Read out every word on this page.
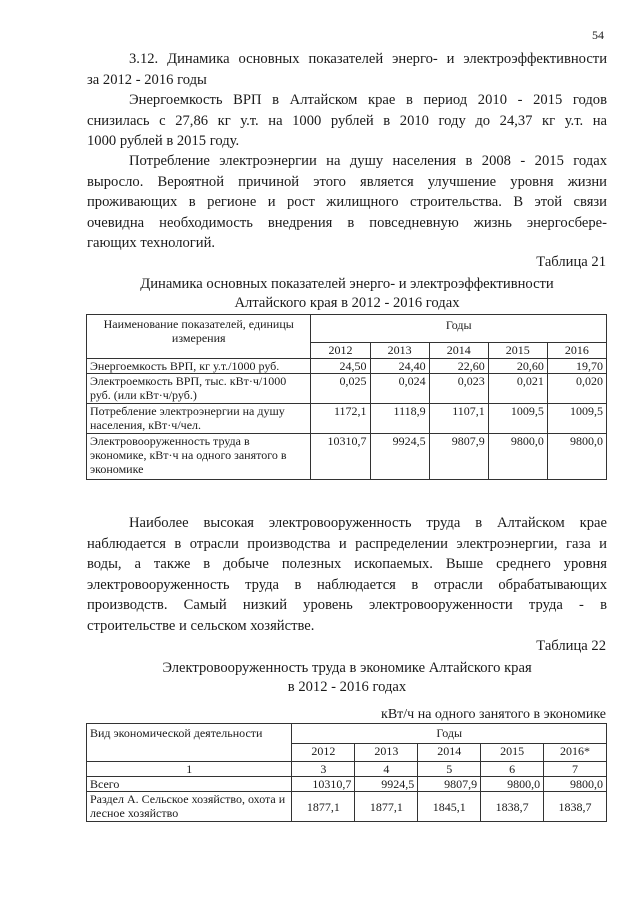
54

3.12. Динамика основных показателей энерго- и электроэффективности
за 2012 - 2016 годы

Энергоемкость ВРП в Алтайском крае в период 2010 - 2015 годов
снизилась с 27,86 кг у.т. на 1000 рублей в 2010 году до 24,37 кг у.т. на
1000 рублей в 2015 году.

Потребление электроэнергии на душу населения в 2008 - 2015 годах
выросло. Вероятной причиной этого является улучшение уровня жизни
проживающих в регионе и рост жилищного строительства. В этой связи
очевидна необходимость внедрения в повседневную жизнь энергосбере-
гающих технологий.

Таблица 21
Динамика основных показателей энерго- и электроэффективности
Алтайского края в 2012 - 2016 годах
Наименование показателей, единицы измерения	Годы				
	2012	2013	2014	2015	2016
Энергоемкость ВРП, кг у.т./1000 руб.	24,50	24,40	22,60	20,60	19,70
Электроемкость ВРП, тыс. кВт·ч/1000 руб. (или кВт·ч/руб.)	0,025	0,024	0,023	0,021	0,020
Потребление электроэнергии на душу населения, кВт·ч/чел.	1172,1	1118,9	1107,1	1009,5	1009,5
Электровооруженность труда в экономике, кВт·ч на одного занятого в экономике	10310,7	9924,5	9807,9	9800,0	9800,0

Наиболее высокая электровооруженность труда в Алтайском крае
наблюдается в отрасли производства и распределении электроэнергии, газа и
воды, а также в добыче полезных ископаемых. Выше среднего уровня
электровооруженность труда в наблюдается в отрасли обрабатывающих
производств. Самый низкий уровень электровооруженности труда - в
строительстве и сельском хозяйстве.

Таблица 22
Электровооруженность труда в экономике Алтайского края
в 2012 - 2016 годах
кВт/ч на одного занятого в экономике
Вид экономической деятельности	Годы				
	2012	2013	2014	2015	2016*
1	3	4	5	6	7
Всего	10310,7	9924,5	9807,9	9800,0	9800,0
Раздел А. Сельское хозяйство, охота и лесное хозяйство	1877,1	1877,1	1845,1	1838,7	1838,7
